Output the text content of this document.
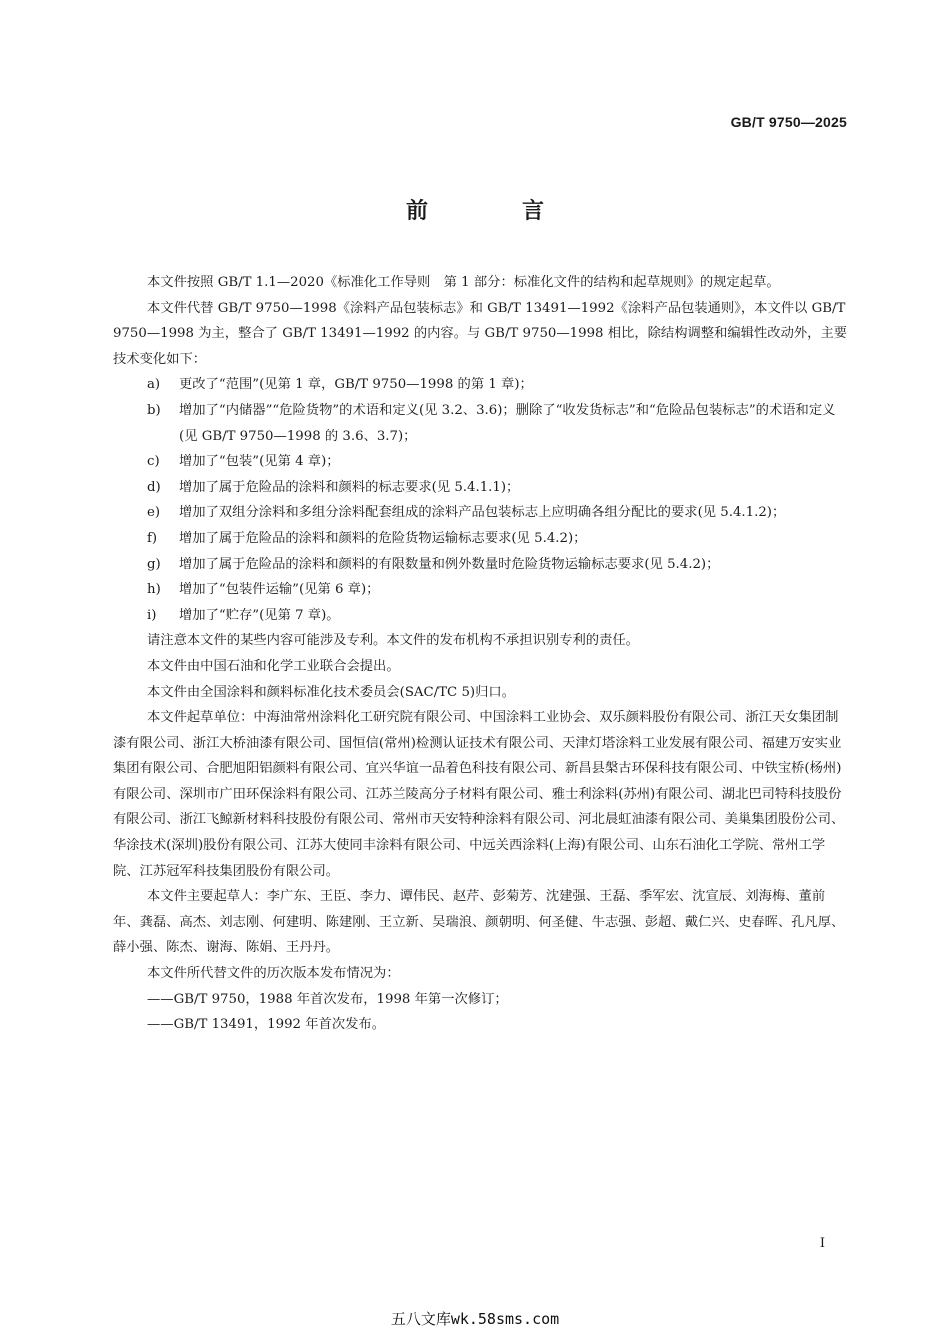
GB/T 9750—2025
前　言

本文件按照 GB/T 1.1—2020《标准化工作导则　第 1 部分：标准化文件的结构和起草规则》的规定起草。

本文件代替 GB/T 9750—1998《涂料产品包装标志》和 GB/T 13491—1992《涂料产品包装通则》，本文件以 GB/T 9750—1998 为主，整合了 GB/T 13491—1992 的内容。与 GB/T 9750—1998 相比，除结构调整和编辑性改动外，主要技术变化如下：

a)	更改了“范围”(见第 1 章，GB/T 9750—1998 的第 1 章)；
b)	增加了“内储器”“危险货物”的术语和定义(见 3.2、3.6)；删除了“收发货标志”和“危险品包装标志”的术语和定义(见 GB/T 9750—1998 的 3.6、3.7)；
c)	增加了“包装”(见第 4 章)；
d)	增加了属于危险品的涂料和颜料的标志要求(见 5.4.1.1)；
e)	增加了双组分涂料和多组分涂料配套组成的涂料产品包装标志上应明确各组分配比的要求(见 5.4.1.2)；
f)	增加了属于危险品的涂料和颜料的危险货物运输标志要求(见 5.4.2)；
g)	增加了属于危险品的涂料和颜料的有限数量和例外数量时危险货物运输标志要求(见 5.4.2)；
h)	增加了“包装件运输”(见第 6 章)；
i)	增加了“贮存”(见第 7 章)。

请注意本文件的某些内容可能涉及专利。本文件的发布机构不承担识别专利的责任。

本文件由中国石油和化学工业联合会提出。

本文件由全国涂料和颜料标准化技术委员会(SAC/TC 5)归口。

本文件起草单位：中海油常州涂料化工研究院有限公司、中国涂料工业协会、双乐颜料股份有限公司、浙江天女集团制漆有限公司、浙江大桥油漆有限公司、国恒信(常州)检测认证技术有限公司、天津灯塔涂料工业发展有限公司、福建万安实业集团有限公司、合肥旭阳铝颜料有限公司、宜兴华谊一品着色科技有限公司、新昌县槃古环保科技有限公司、中铁宝桥(杨州)有限公司、深圳市广田环保涂料有限公司、江苏兰陵高分子材料有限公司、雅士利涂料(苏州)有限公司、湖北巴司特科技股份有限公司、浙江飞鲸新材料科技股份有限公司、常州市天安特种涂料有限公司、河北晨虹油漆有限公司、美巢集团股份公司、华涂技术(深圳)股份有限公司、江苏大使同丰涂料有限公司、中远关西涂料(上海)有限公司、山东石油化工学院、常州工学院、江苏冠军科技集团股份有限公司。

本文件主要起草人：李广东、王臣、李力、谭伟民、赵芹、彭菊芳、沈建强、王磊、季军宏、沈宣辰、刘海梅、董前年、龚磊、高杰、刘志刚、何建明、陈建刚、王立新、吴瑞浪、颜朝明、何圣健、牛志强、彭超、戴仁兴、史春晖、孔凡厚、薛小强、陈杰、谢海、陈娟、王丹丹。

本文件所代替文件的历次版本发布情况为：

——GB/T 9750，1988 年首次发布，1998 年第一次修订；

——GB/T 13491，1992 年首次发布。

I
五八文库wk.58sms.com
